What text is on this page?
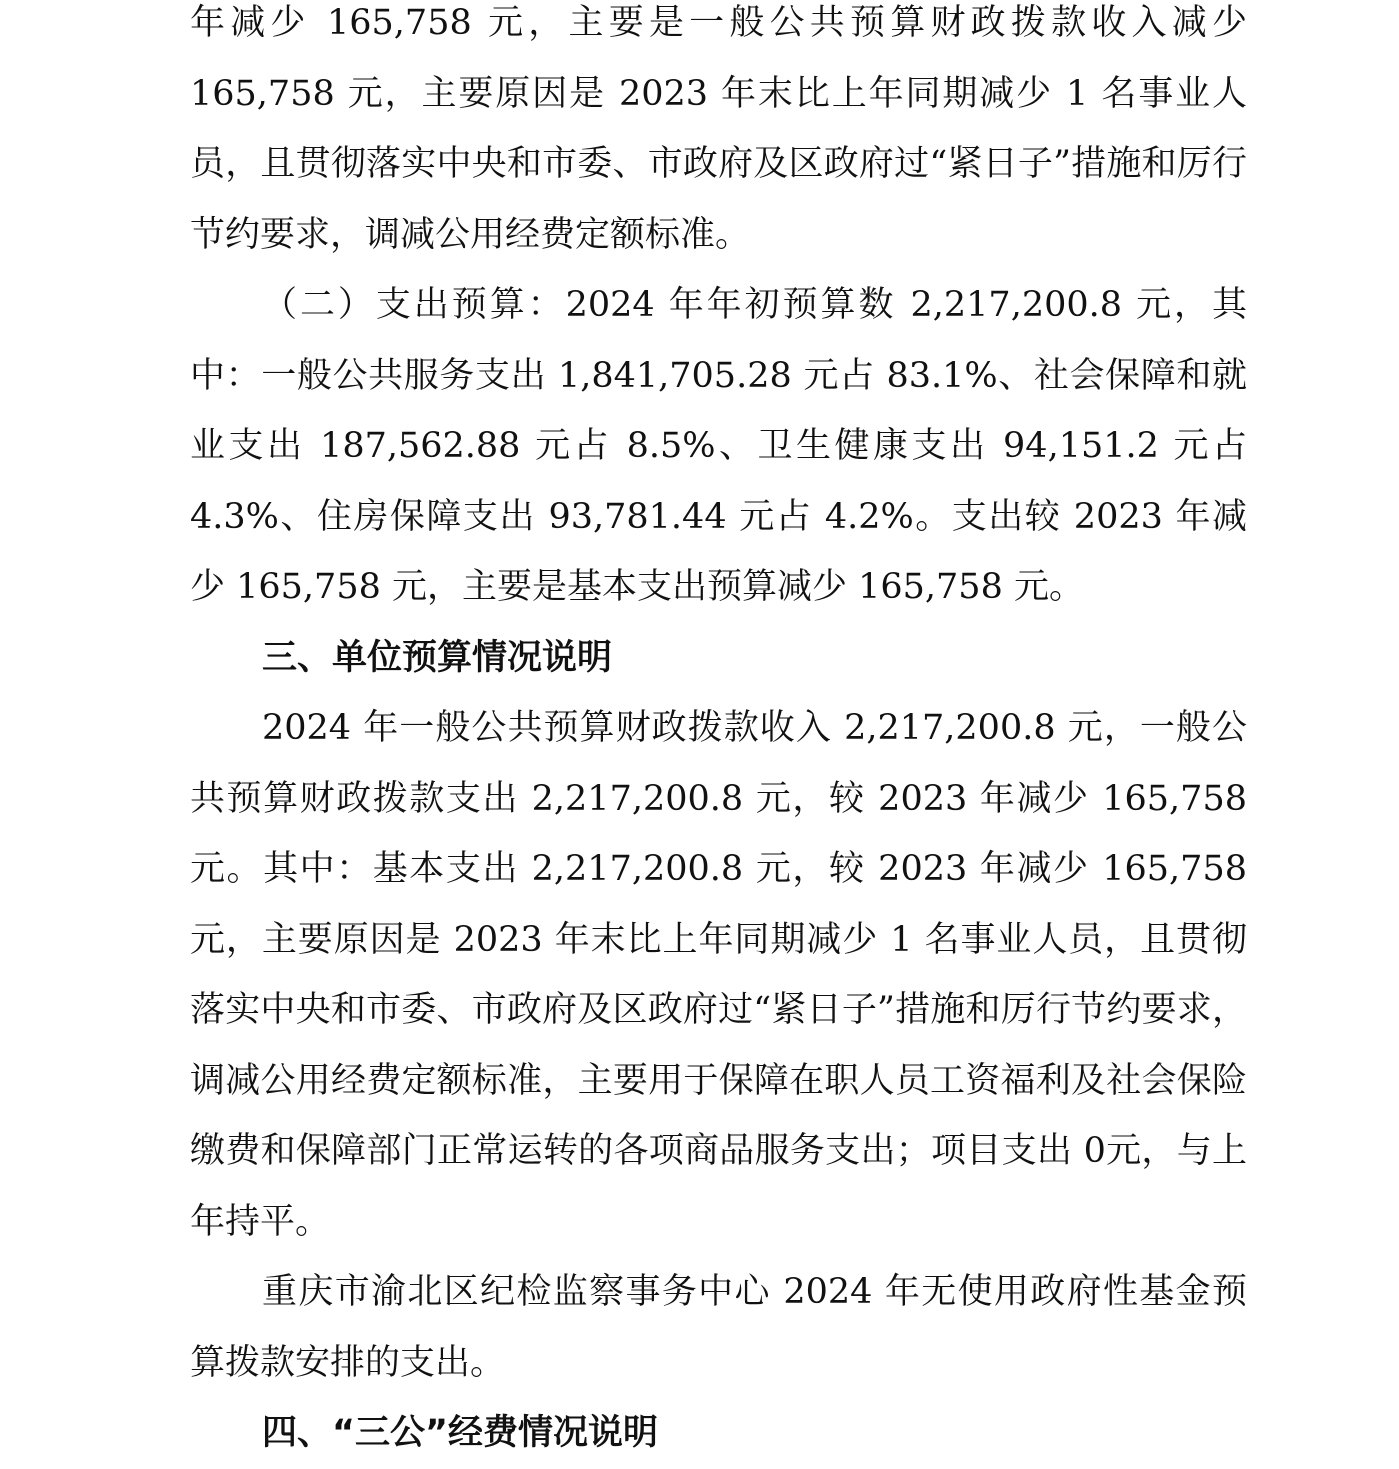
年减少 165,758 元，主要是一般公共预算财政拨款收入减少165,758 元，主要原因是 2023 年末比上年同期减少 1 名事业人员，且贯彻落实中央和市委、市政府及区政府过“紧日子”措施和厉行节约要求，调减公用经费定额标准。

（二）支出预算：2024 年年初预算数 2,217,200.8 元，其中：一般公共服务支出 1,841,705.28 元占 83.1%、社会保障和就业支出 187,562.88 元占 8.5%、卫生健康支出 94,151.2 元占 4.3%、住房保障支出 93,781.44 元占 4.2%。支出较 2023 年减少 165,758 元，主要是基本支出预算减少 165,758 元。

三、单位预算情况说明

2024 年一般公共预算财政拨款收入 2,217,200.8 元，一般公共预算财政拨款支出 2,217,200.8 元，较 2023 年减少 165,758 元。其中：基本支出 2,217,200.8 元，较 2023 年减少 165,758 元，主要原因是 2023 年末比上年同期减少 1 名事业人员，且贯彻落实中央和市委、市政府及区政府过“紧日子”措施和厉行节约要求，调减公用经费定额标准，主要用于保障在职人员工资福利及社会保险缴费和保障部门正常运转的各项商品服务支出；项目支出 0元，与上年持平。

重庆市渝北区纪检监察事务中心 2024 年无使用政府性基金预算拨款安排的支出。

四、“三公”经费情况说明
